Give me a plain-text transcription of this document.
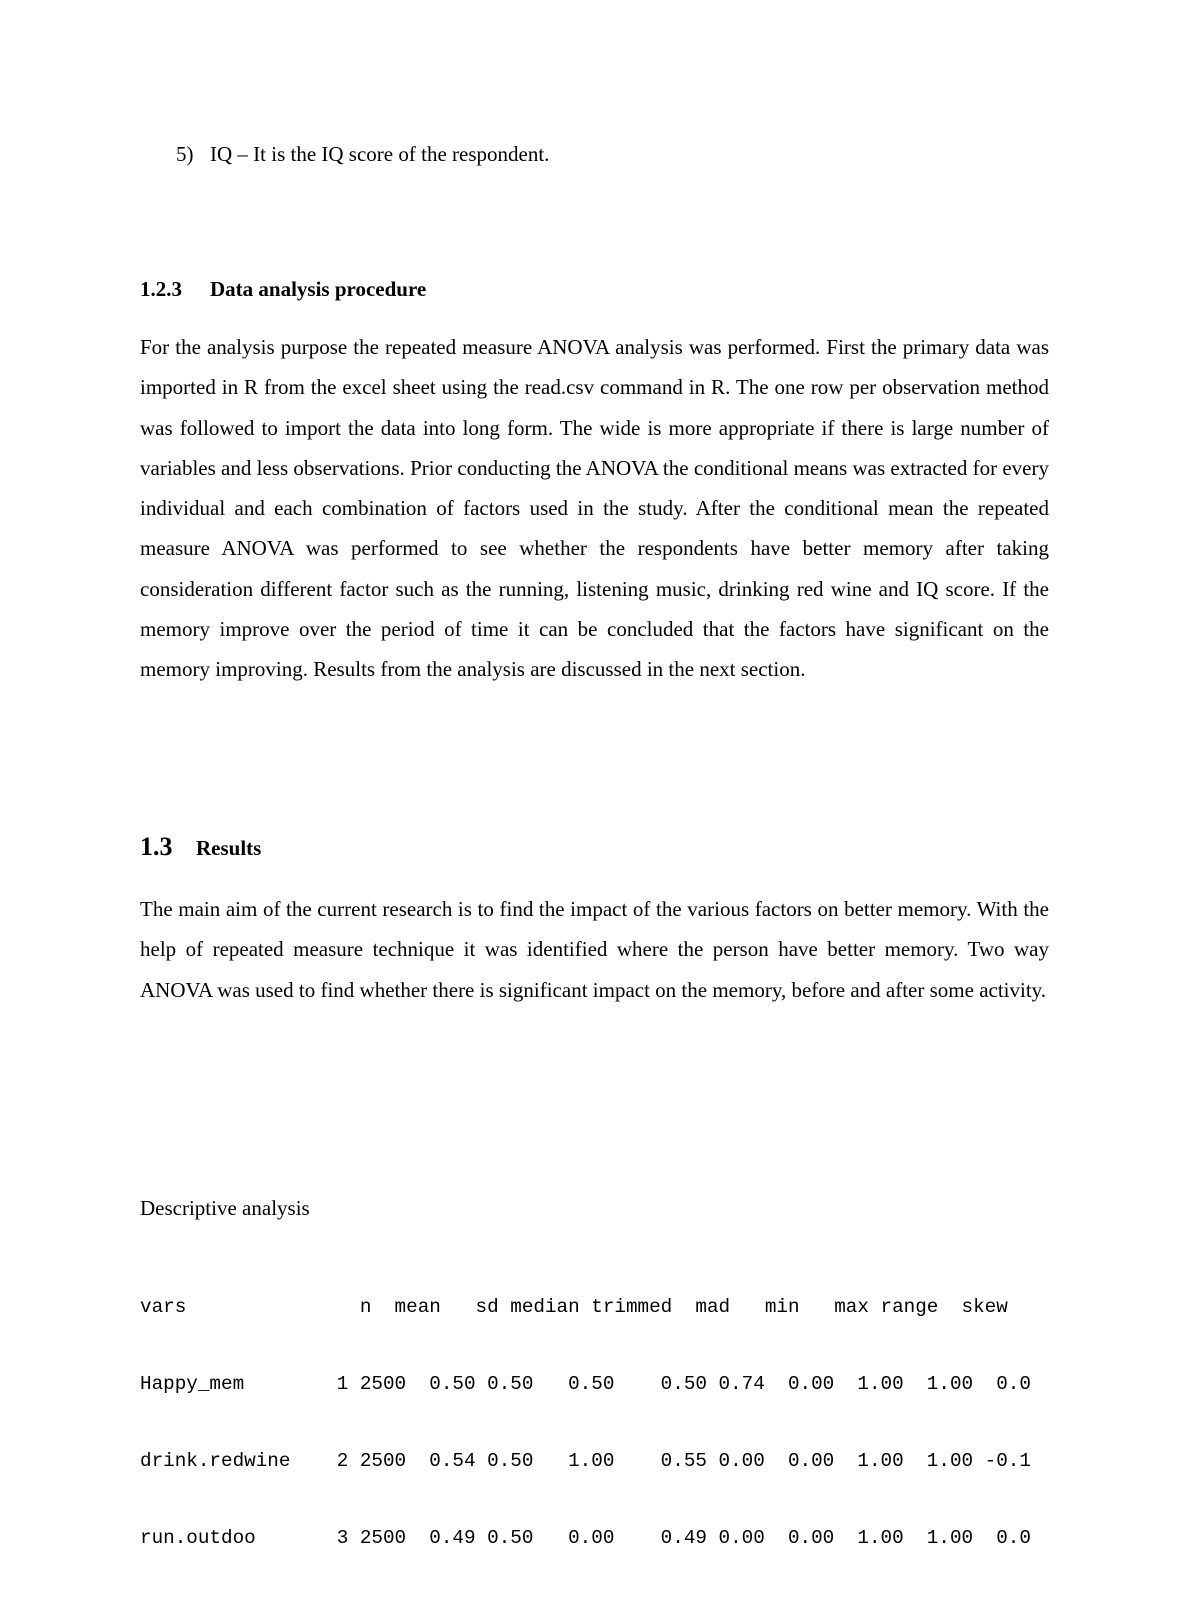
5) IQ – It is the IQ score of the respondent.
1.2.3 Data analysis procedure

For the analysis purpose the repeated measure ANOVA analysis was performed. First the primary data was imported in R from the excel sheet using the read.csv command in R. The one row per observation method was followed to import the data into long form. The wide is more appropriate if there is large number of variables and less observations. Prior conducting the ANOVA the conditional means was extracted for every individual and each combination of factors used in the study. After the conditional mean the repeated measure ANOVA was performed to see whether the respondents have better memory after taking consideration different factor such as the running, listening music, drinking red wine and IQ score. If the memory improve over the period of time it can be concluded that the factors have significant on the memory improving. Results from the analysis are discussed in the next section.

1.3 Results

The main aim of the current research is to find the impact of the various factors on better memory. With the help of repeated measure technique it was identified where the person have better memory. Two way ANOVA was used to find whether there is significant impact on the memory, before and after some activity.

Descriptive analysis

vars               n  mean   sd median trimmed  mad   min   max range  skew

Happy_mem        1 2500  0.50 0.50   0.50    0.50 0.74  0.00  1.00  1.00  0.0

drink.redwine    2 2500  0.54 0.50   1.00    0.55 0.00  0.00  1.00  1.00 -0.1

run.outdoo       3 2500  0.49 0.50   0.00    0.49 0.00  0.00  1.00  1.00  0.0
